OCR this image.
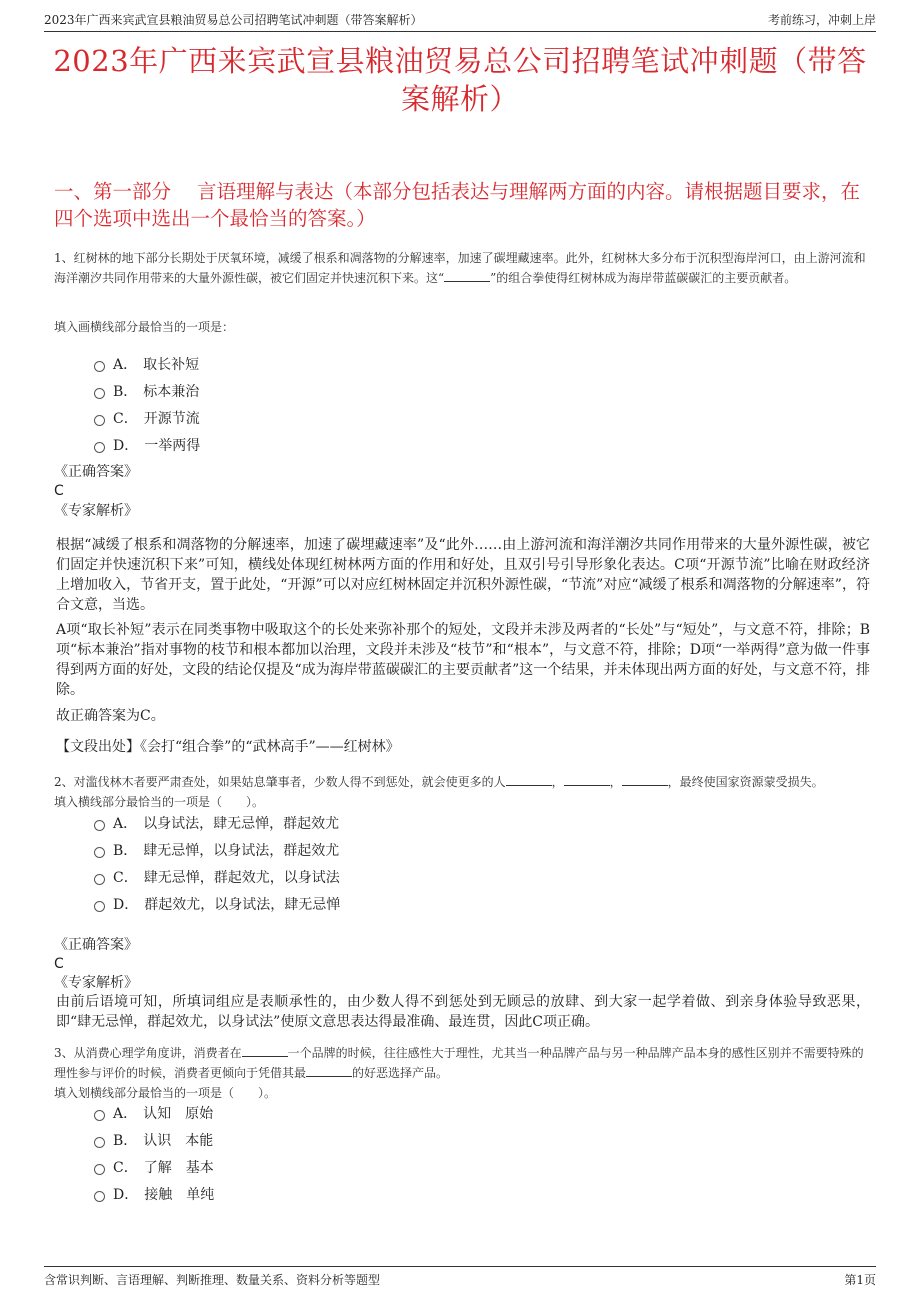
2023年广西来宾武宣县粮油贸易总公司招聘笔试冲刺题（带答案解析）	考前练习，冲刺上岸
2023年广西来宾武宣县粮油贸易总公司招聘笔试冲刺题（带答案解析）
一、第一部分 言语理解与表达（本部分包括表达与理解两方面的内容。请根据题目要求，在四个选项中选出一个最恰当的答案。）
1、红树林的地下部分长期处于厌氧环境，减缓了根系和凋落物的分解速率，加速了碳埋藏速率。此外，红树林大多分布于沉积型海岸河口，由上游河流和海洋潮汐共同作用带来的大量外源性碳，被它们固定并快速沉积下来。这“	”的组合拳使得红树林成为海岸带蓝碳碳汇的主要贡献者。
填入画横线部分最恰当的一项是：
A． 取长补短
B． 标本兼治
C． 开源节流
D． 一举两得
《正确答案》
C
《专家解析》
根据“减缓了根系和凋落物的分解速率，加速了碳埋藏速率”及“此外……由上游河流和海洋潮汐共同作用带来的大量外源性碳，被它们固定并快速沉积下来”可知，横线处体现红树林两方面的作用和好处，且双引号引导形象化表达。C项“开源节流”比喻在财政经济上增加收入，节省开支，置于此处，“开源”可以对应红树林固定并沉积外源性碳，“节流”对应“减缓了根系和凋落物的分解速率”，符合文意，当选。
A项“取长补短”表示在同类事物中吸取这个的长处来弥补那个的短处，文段并未涉及两者的“长处”与“短处”，与文意不符，排除；B项“标本兼治”指对事物的枝节和根本都加以治理，文段并未涉及“枝节”和“根本”，与文意不符，排除；D项“一举两得”意为做一件事得到两方面的好处，文段的结论仅提及“成为海岸带蓝碳碳汇的主要贡献者”这一个结果，并未体现出两方面的好处，与文意不符，排除。
故正确答案为C。
【文段出处】《会打“组合拳”的“武林高手”——红树林》
2、对滥伐林木者要严肃查处，如果姑息肇事者，少数人得不到惩处，就会使更多的人	，	，	，最终使国家资源蒙受损失。
填入横线部分最恰当的一项是（　　）。
A． 以身试法，肆无忌惮，群起效尤
B． 肆无忌惮，以身试法，群起效尤
C． 肆无忌惮，群起效尤，以身试法
D． 群起效尤，以身试法，肆无忌惮
《正确答案》
C
《专家解析》
由前后语境可知，所填词组应是表顺承性的，由少数人得不到惩处到无顾忌的放肆、到大家一起学着做、到亲身体验导致恶果，即“肆无忌惮，群起效尤，以身试法”使原文意思表达得最准确、最连贯，因此C项正确。
3、从消费心理学角度讲，消费者在	一个品牌的时候，往往感性大于理性，尤其当一种品牌产品与另一种品牌产品本身的感性区别并不需要特殊的理性参与评价的时候，消费者更倾向于凭借其最	的好恶选择产品。
填入划横线部分最恰当的一项是（　　）。
A． 认知　原始
B． 认识　本能
C． 了解　基本
D． 接触　单纯
含常识判断、言语理解、判断推理、数量关系、资料分析等题型	第1页
